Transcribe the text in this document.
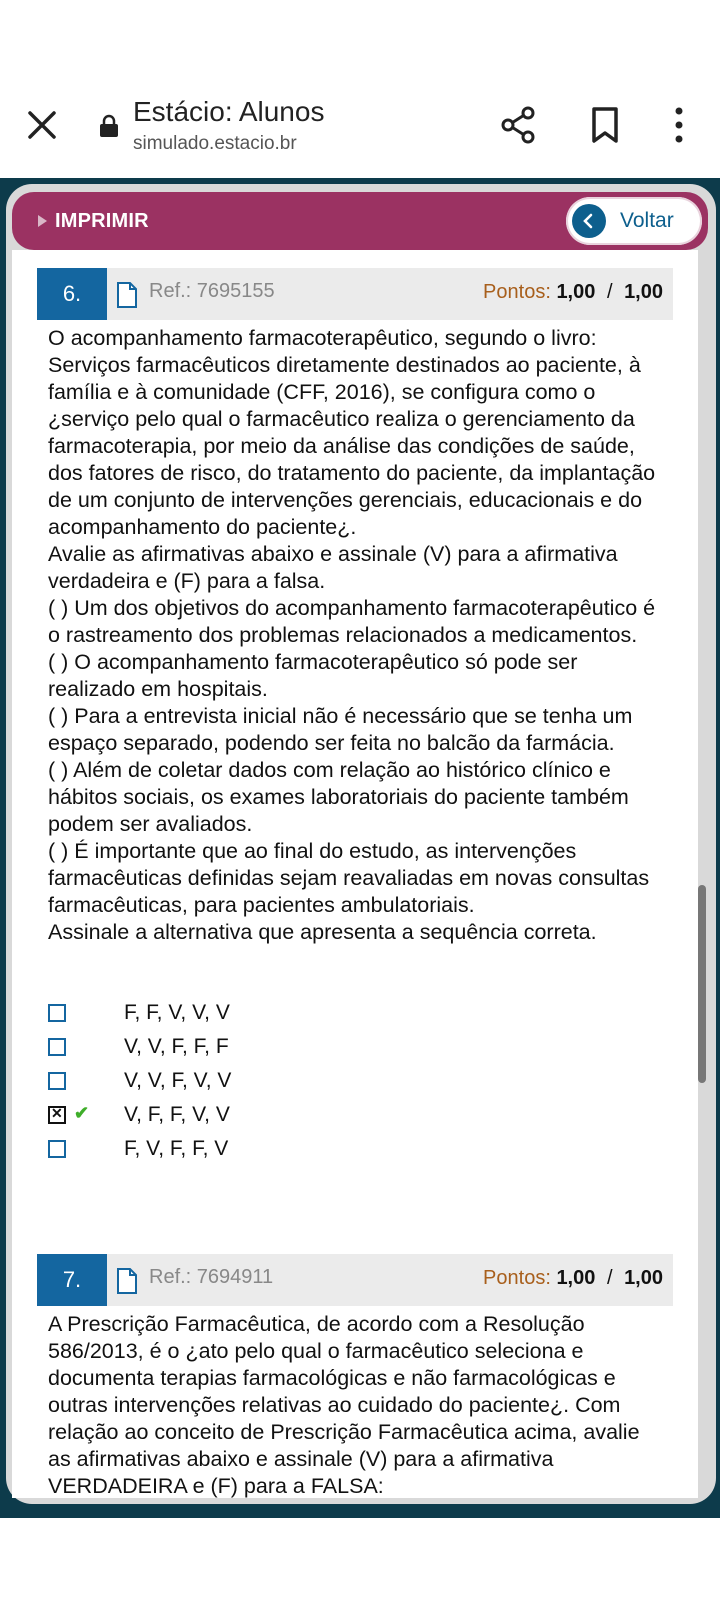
Estácio: Alunos
simulado.estacio.br
IMPRIMIR	Voltar
6.	Ref.: 7695155	Pontos: 1,00 / 1,00

O acompanhamento farmacoterapêutico, segundo o livro: Serviços farmacêuticos diretamente destinados ao paciente, à família e à comunidade (CFF, 2016), se configura como o ¿serviço pelo qual o farmacêutico realiza o gerenciamento da farmacoterapia, por meio da análise das condições de saúde, dos fatores de risco, do tratamento do paciente, da implantação de um conjunto de intervenções gerenciais, educacionais e do acompanhamento do paciente¿.

Avalie as afirmativas abaixo e assinale (V) para a afirmativa verdadeira e (F) para a falsa.

( ) Um dos objetivos do acompanhamento farmacoterapêutico é o rastreamento dos problemas relacionados a medicamentos.

( ) O acompanhamento farmacoterapêutico só pode ser realizado em hospitais.

( ) Para a entrevista inicial não é necessário que se tenha um espaço separado, podendo ser feita no balcão da farmácia.

( ) Além de coletar dados com relação ao histórico clínico e hábitos sociais, os exames laboratoriais do paciente também podem ser avaliados.

( ) É importante que ao final do estudo, as intervenções farmacêuticas definidas sejam reavaliadas em novas consultas farmacêuticas, para pacientes ambulatoriais.

Assinale a alternativa que apresenta a sequência correta.

F, F, V, V, V
V, V, F, F, F
V, V, F, V, V
✕
✔ V, F, F, V, V
F, V, F, F, V
7.	Ref.: 7694911	Pontos: 1,00 / 1,00

A Prescrição Farmacêutica, de acordo com a Resolução 586/2013, é o ¿ato pelo qual o farmacêutico seleciona e documenta terapias farmacológicas e não farmacológicas e outras intervenções relativas ao cuidado do paciente¿. Com relação ao conceito de Prescrição Farmacêutica acima, avalie as afirmativas abaixo e assinale (V) para a afirmativa VERDADEIRA e (F) para a FALSA:
